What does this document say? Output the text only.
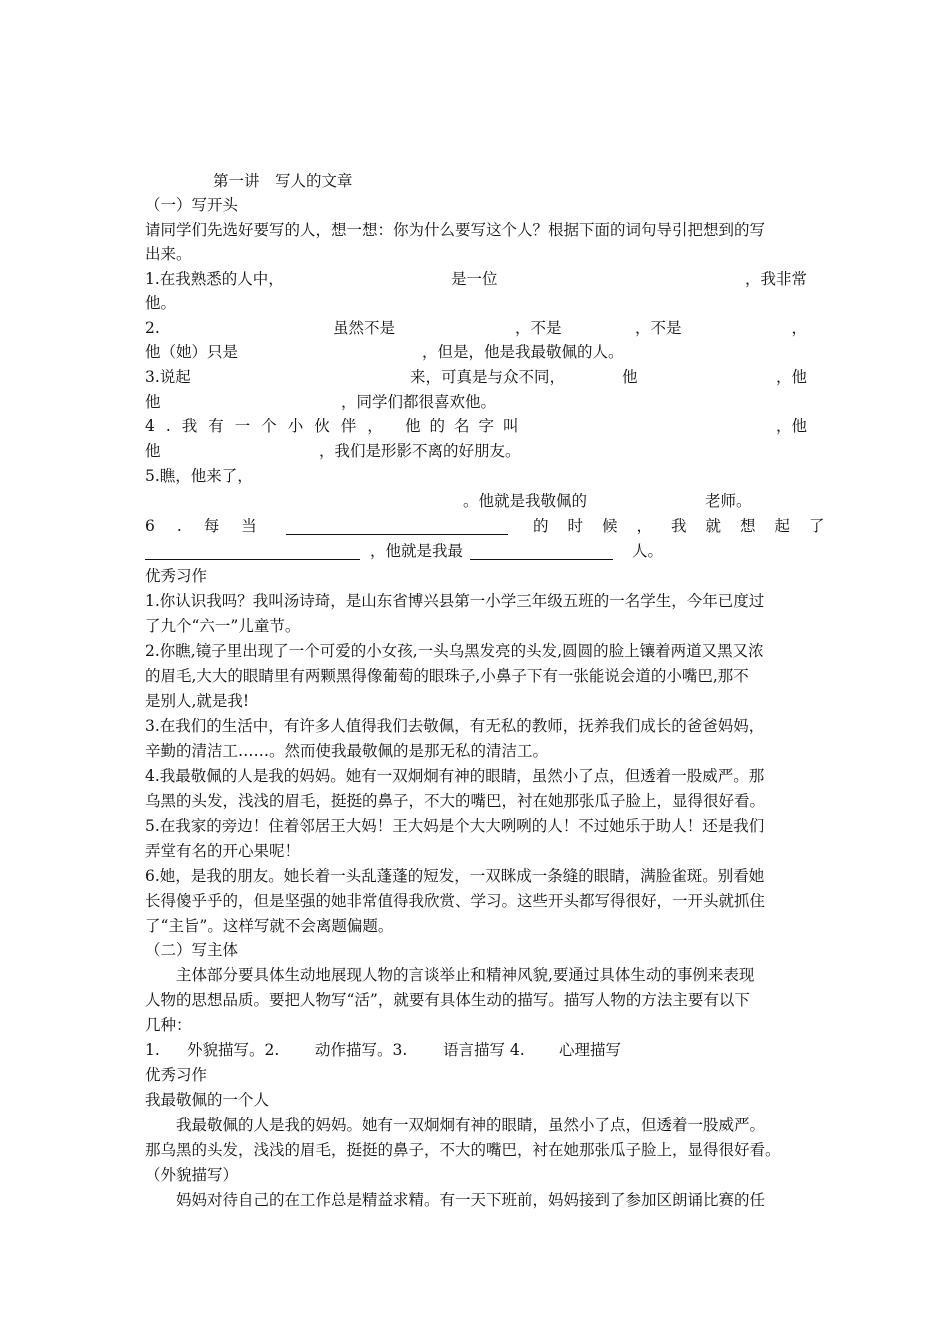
第一讲　写人的文章
（一）写开头
请同学们先选好要写的人，想一想：你为什么要写这个人？根据下面的词句导引把想到的写
出来。
1.在我熟悉的人中，	是一位	，我非常
他。
2.	虽然不是	，不是	，不是	，
他（她）只是	，但是，他是我最敬佩的人。
3.说起	来，可真是与众不同，	他	，他
他	，同学们都很喜欢他。
4.我有一个小伙伴， 他的名字叫	，他
他	，我们是形影不离的好朋友。
5.瞧，他来了，
。他就是我敬佩的	老师。
6.每当	的时候，我就想起了
，他就是我最	人。
优秀习作
1.你认识我吗？我叫汤诗琦，是山东省博兴县第一小学三年级五班的一名学生，今年已度过
了九个“六一”儿童节。
2.你瞧,镜子里出现了一个可爱的小女孩,一头乌黑发亮的头发,圆圆的脸上镶着两道又黑又浓
的眉毛,大大的眼睛里有两颗黑得像葡萄的眼珠子,小鼻子下有一张能说会道的小嘴巴,那不
是别人,就是我!
3.在我们的生活中，有许多人值得我们去敬佩，有无私的教师，抚养我们成长的爸爸妈妈，
辛勤的清洁工……。然而使我最敬佩的是那无私的清洁工。
4.我最敬佩的人是我的妈妈。她有一双炯炯有神的眼睛，虽然小了点，但透着一股威严。那
乌黑的头发，浅浅的眉毛，挺挺的鼻子，不大的嘴巴，衬在她那张瓜子脸上，显得很好看。
5.在我家的旁边！住着邻居王大妈！王大妈是个大大咧咧的人！不过她乐于助人！还是我们
弄堂有名的开心果呢！
6.她，是我的朋友。她长着一头乱蓬蓬的短发，一双眯成一条缝的眼睛，满脸雀斑。别看她
长得傻乎乎的，但是坚强的她非常值得我欣赏、学习。这些开头都写得很好，一开头就抓住
了“主旨”。这样写就不会离题偏题。
（二）写主体
　　主体部分要具体生动地展现人物的言谈举止和精神风貌,要通过具体生动的事例来表现
人物的思想品质。要把人物写“活”，就要有具体生动的描写。描写人物的方法主要有以下
几种：
1. 外貌描写。2. 动作描写。3. 语言描写 4. 心理描写
优秀习作
我最敬佩的一个人
　　我最敬佩的人是我的妈妈。她有一双炯炯有神的眼睛，虽然小了点，但透着一股威严。
那乌黑的头发，浅浅的眉毛，挺挺的鼻子，不大的嘴巴，衬在她那张瓜子脸上，显得很好看。
（外貌描写）
　　妈妈对待自己的在工作总是精益求精。有一天下班前，妈妈接到了参加区朗诵比赛的任
